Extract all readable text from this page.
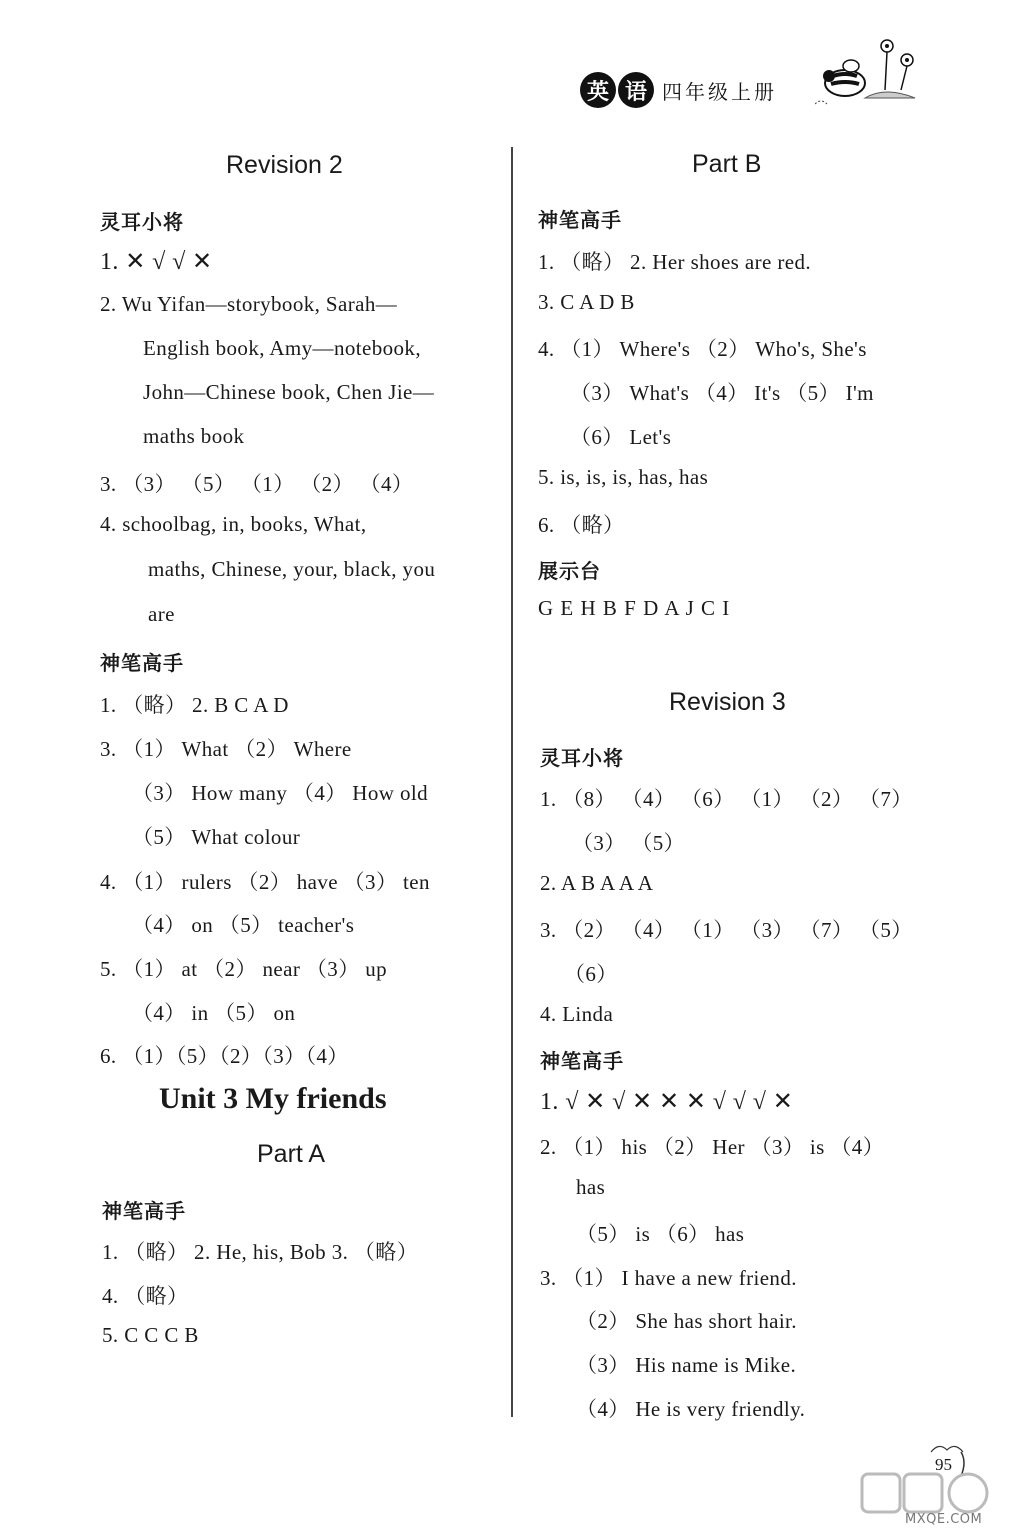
英 语 四年级上册
Revision 2
灵耳小将
1. ✕ √ √ ✕
2. Wu Yifan—storybook, Sarah—
English book, Amy—notebook,
John—Chinese book, Chen Jie—
maths book
3. （3） （5） （1） （2） （4）
4. schoolbag, in, books, What,
maths, Chinese, your, black, you
are
神笔高手
1. （略） 2. B C A D
3. （1） What （2） Where
（3） How many （4） How old
（5） What colour
4. （1） rulers （2） have （3） ten
（4） on （5） teacher's
5. （1） at （2） near （3） up
（4） in （5） on
6. （1）（5）（2）（3）（4）
Unit 3 My friends
Part A
神笔高手
1. （略） 2. He, his, Bob 3. （略）
4. （略）
5. C C C B
Part B
神笔高手
1. （略） 2. Her shoes are red.
3. C A D B
4. （1） Where's （2） Who's, She's
（3） What's （4） It's （5） I'm
（6） Let's
5. is, is, is, has, has
6. （略）
展示台
G E H B F D A J C I
Revision 3
灵耳小将
1. （8） （4） （6） （1） （2） （7）
（3） （5）
2. A B A A A
3. （2） （4） （1） （3） （7） （5）
（6）
4. Linda
神笔高手
1. √ ✕ √ ✕ ✕ ✕ √ √ √ ✕
2. （1） his （2） Her （3） is （4）
has
（5） is （6） has
3. （1） I have a new friend.
（2） She has short hair.
（3） His name is Mike.
（4） He is very friendly.
95
MXQE.COM
